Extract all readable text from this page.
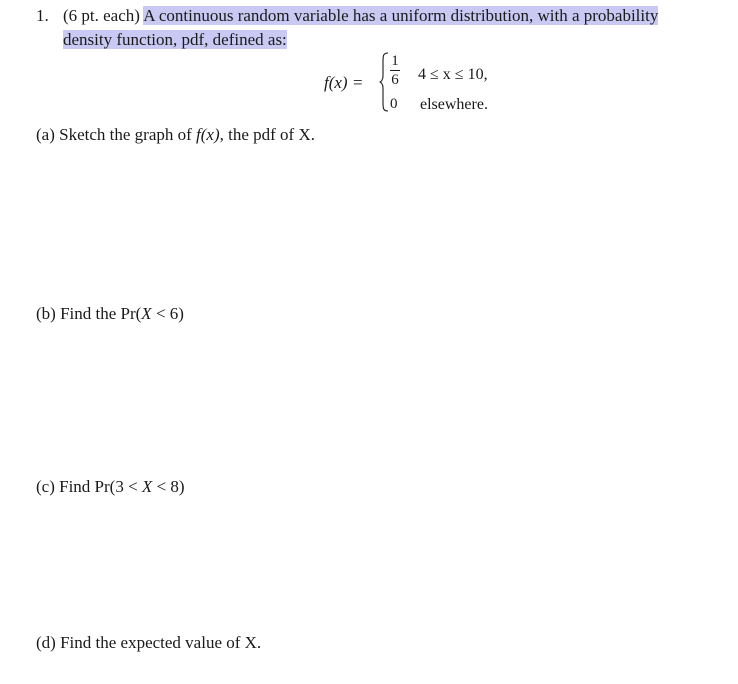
1. (6 pt. each) A continuous random variable has a uniform distribution, with a probability
density function, pdf, defined as:
f(x) =
1
6
0
4 ≤ x ≤ 10,
elsewhere.
(a) Sketch the graph of f(x), the pdf of X.
(b) Find the Pr(X < 6)
(c) Find Pr(3 < X < 8)
(d) Find the expected value of X.
